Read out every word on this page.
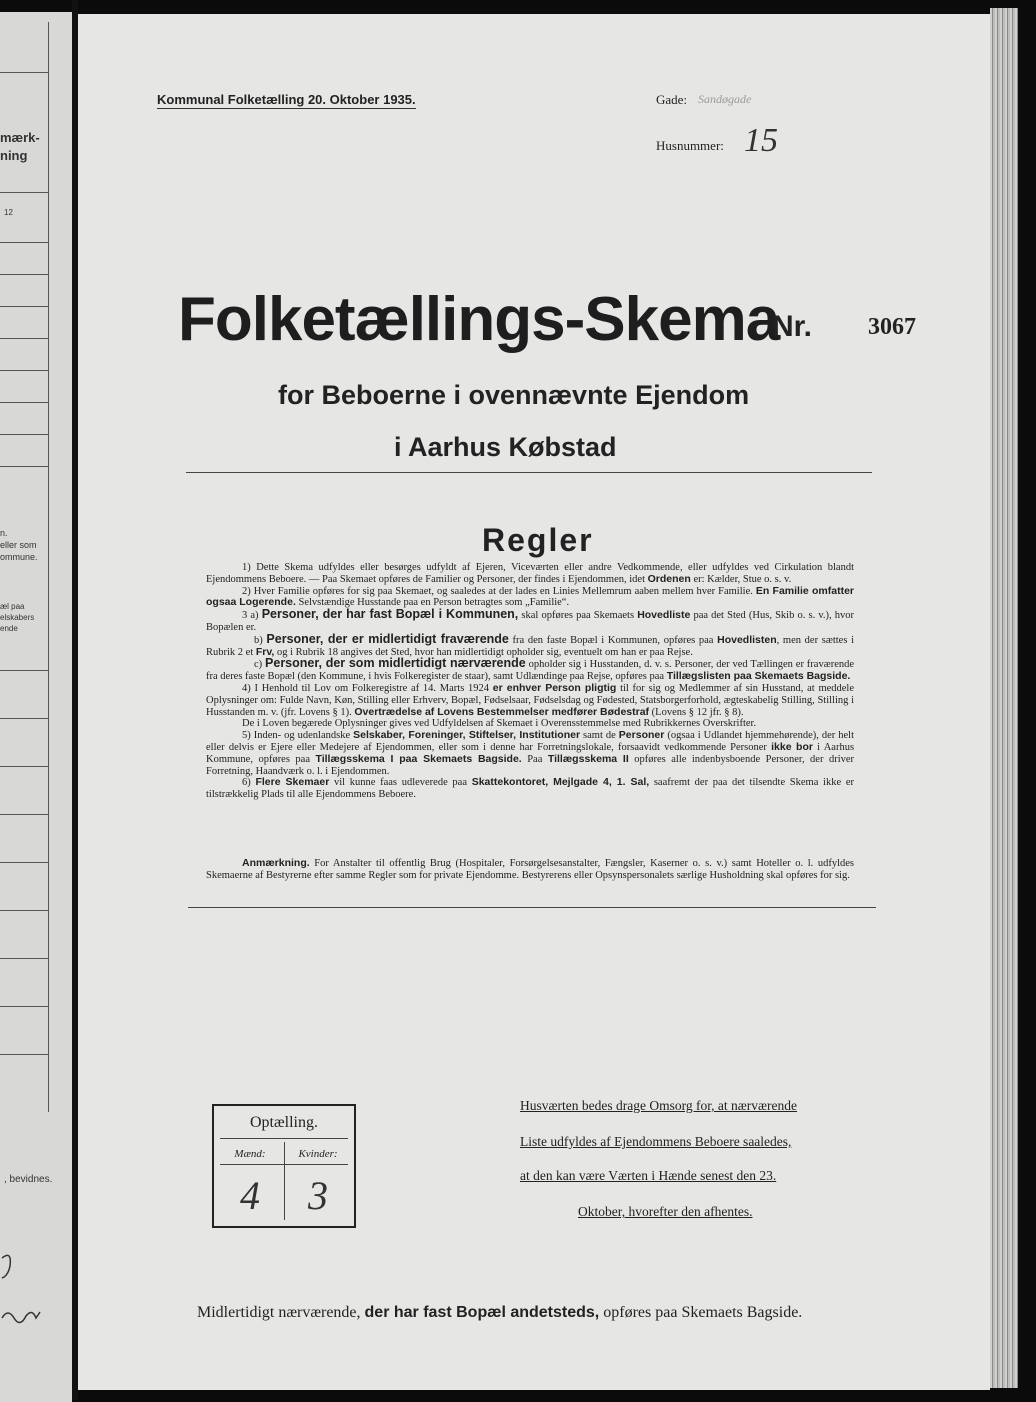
mærk-
ning
12
n.
eller som
ommune.
æl paa
elskabers
ende
, bevidnes.
Kommunal Folketælling 20. Oktober 1935.	Gade: Sandøgade
Husnummer: 15
Folketællings-Skema
Nr. 3067
for Beboerne i ovennævnte Ejendom
i Aarhus Købstad
Regler

1) Dette Skema udfyldes eller besørges udfyldt af Ejeren, Viceværten eller andre Vedkommende, eller udfyldes ved Cirkulation blandt Ejendommens Beboere. — Paa Skemaet opføres de Familier og Personer, der findes i Ejendommen, idet Ordenen er: Kælder, Stue o. s. v.

2) Hver Familie opføres for sig paa Skemaet, og saaledes at der lades en Linies Mellemrum aaben mellem hver Familie. En Familie omfatter ogsaa Logerende. Selvstændige Husstande paa en Person betragtes som „Familie“.

3 a) Personer, der har fast Bopæl i Kommunen, skal opføres paa Skemaets Hovedliste paa det Sted (Hus, Skib o. s. v.), hvor Bopælen er.

b) Personer, der er midlertidigt fraværende fra den faste Bopæl i Kommunen, opføres paa Hovedlisten, men der sættes i Rubrik 2 et Frv, og i Rubrik 18 angives det Sted, hvor han midlertidigt opholder sig, eventuelt om han er paa Rejse.

c) Personer, der som midlertidigt nærværende opholder sig i Husstanden, d. v. s. Personer, der ved Tællingen er fraværende fra deres faste Bopæl (den Kommune, i hvis Folkeregister de staar), samt Udlændinge paa Rejse, opføres paa Tillægslisten paa Skemaets Bagside.

4) I Henhold til Lov om Folkeregistre af 14. Marts 1924 er enhver Person pligtig til for sig og Medlemmer af sin Husstand, at meddele Oplysninger om: Fulde Navn, Køn, Stilling eller Erhverv, Bopæl, Fødselsaar, Fødselsdag og Fødested, Statsborgerforhold, ægteskabelig Stilling, Stilling i Husstanden m. v. (jfr. Lovens § 1). Overtrædelse af Lovens Bestemmelser medfører Bødestraf (Lovens § 12 jfr. § 8).

De i Loven begærede Oplysninger gives ved Udfyldelsen af Skemaet i Overensstemmelse med Rubrikkernes Overskrifter.

5) Inden- og udenlandske Selskaber, Foreninger, Stiftelser, Institutioner samt de Personer (ogsaa i Udlandet hjemmehørende), der helt eller delvis er Ejere eller Medejere af Ejendommen, eller som i denne har Forretningslokale, forsaavidt vedkommende Personer ikke bor i Aarhus Kommune, opføres paa Tillægsskema I paa Skemaets Bagside. Paa Tillægsskema II opføres alle indenbysboende Personer, der driver Forretning, Haandværk o. l. i Ejendommen.

6) Flere Skemaer vil kunne faas udleverede paa Skattekontoret, Mejlgade 4, 1. Sal, saafremt der paa det tilsendte Skema ikke er tilstrækkelig Plads til alle Ejendommens Beboere.

Anmærkning. For Anstalter til offentlig Brug (Hospitaler, Forsørgelsesanstalter, Fængsler, Kaserner o. s. v.) samt Hoteller o. l. udfyldes Skemaerne af Bestyrerne efter samme Regler som for private Ejendomme. Bestyrerens eller Opsynspersonalets særlige Husholdning skal opføres for sig.
Optælling.
Mænd:	Kvinder:
4	3
Husværten bedes drage Omsorg for, at nærværende
Liste udfyldes af Ejendommens Beboere saaledes,
at den kan være Værten i Hænde senest den 23.
Oktober, hvorefter den afhentes.
Midlertidigt nærværende, der har fast Bopæl andetsteds, opføres paa Skemaets Bagside.
